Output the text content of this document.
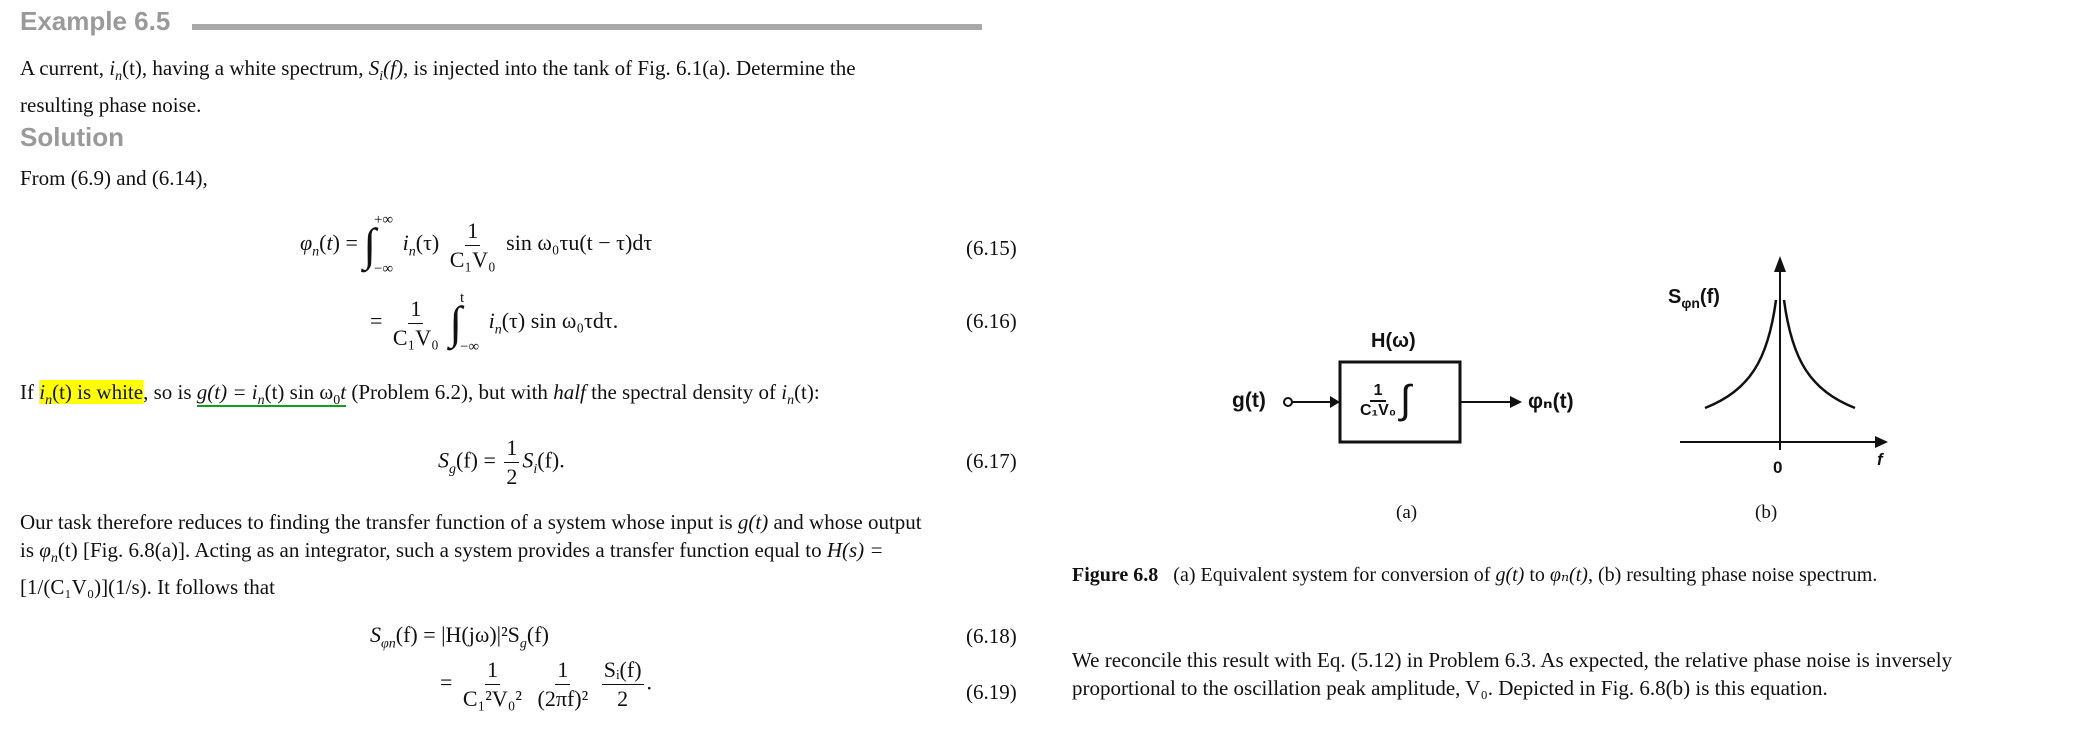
Example 6.5
A current, $i_n(t)$, having a white spectrum, $S_i(f)$, is injected into the tank of Fig. 6.1(a). Determine the
resulting phase noise.
Solution
From (6.9) and (6.14),
$\varphi_n(t)$ = ∫
+∞
−∞
$i_n(\tau) \frac{1}{\text{C₁V₀}}$ sin ω₀τu(t − τ)dτ	(6.15)
= $\frac{1}{\text{C₁V₀}}$ ∫
t
−∞
$i_n(\tau)$ sin ω₀τdτ.	(6.16)
If $i_n(t)$ is white, so is $g(t) = i_n(t)$ $\sin \omega_0t$ (Problem 6.2), but with half the spectral density of $i_n(t)$:
$S_g(f) = \frac{1}{2} S_i(f)$.	(6.17)
Our task therefore reduces to finding the transfer function of a system whose input is g(t) and whose output
is $\varphi_n(t)$ [Fig. 6.8(a)]. Acting as an integrator, such a system provides a transfer function equal to H(s) =
[1/(C₁V₀)](1/s). It follows that
$S_{\varphi n}(f) = |H(j\omega)|^2S_g(f)$	(6.18)
= $\frac{1}{\text{C₁²V₀²}}$
$\frac{1}{\text{(2πf)²}}$
$\frac{\text{Sᵢ(f)}}{2}$ .	(6.19)
H(ω)
g(t)	1
C₁V₀ ∫	φₙ(t)
(a)
$S_{\varphi n}(f)$
0	f
(b)
Figure 6.8 (a) Equivalent system for conversion of g(t) to φₙ(t), (b) resulting phase noise spectrum.
We reconcile this result with Eq. (5.12) in Problem 6.3. As expected, the relative phase noise is inversely
proportional to the oscillation peak amplitude, V₀. Depicted in Fig. 6.8(b) is this equation.
